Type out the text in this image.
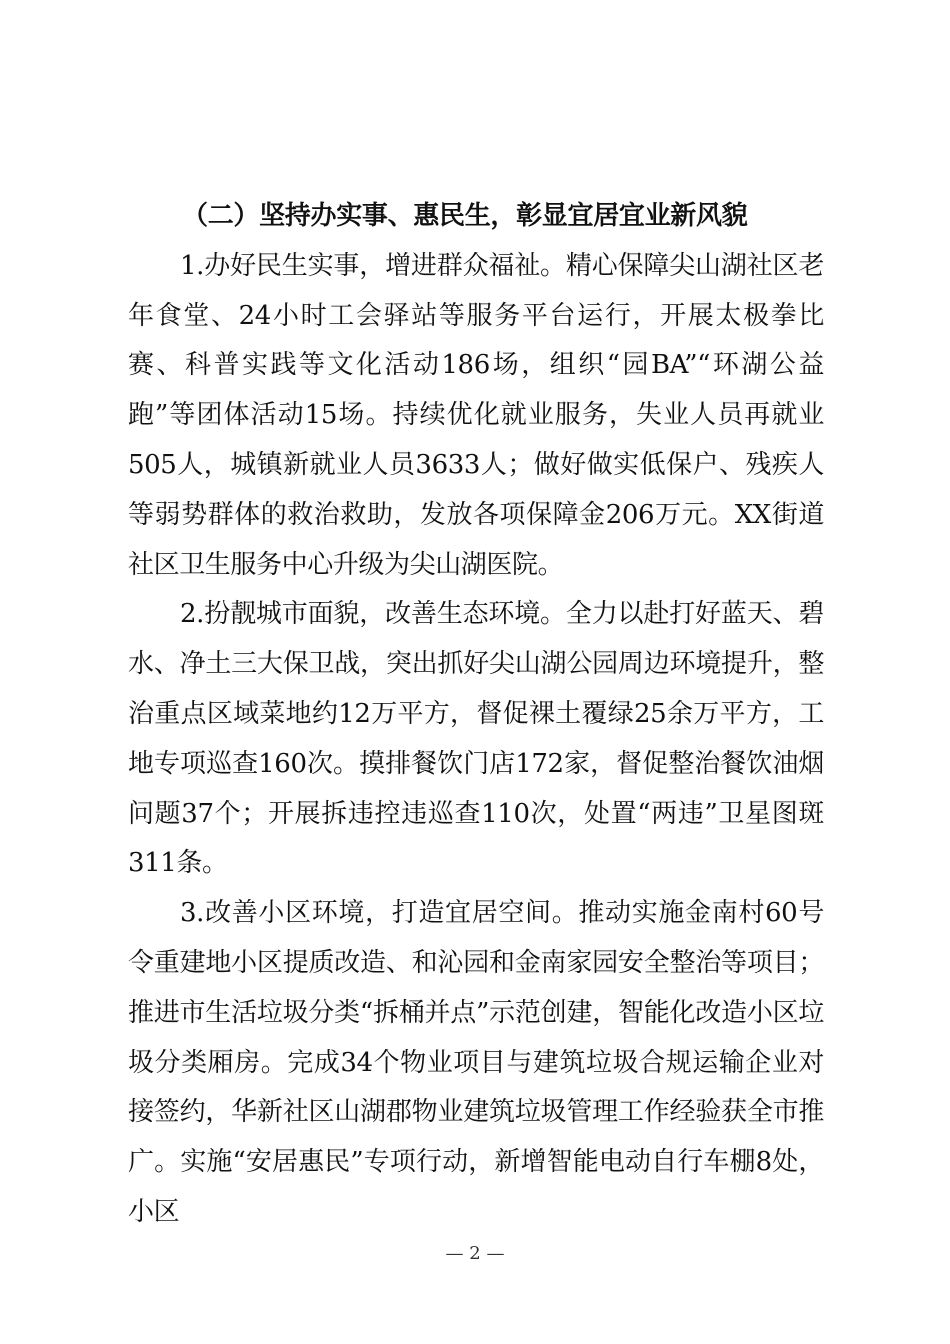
（二）坚持办实事、惠民生，彰显宜居宜业新风貌

1.办好民生实事，增进群众福祉。精心保障尖山湖社区老年食堂、24小时工会驿站等服务平台运行，开展太极拳比赛、科普实践等文化活动186场，组织“园BA”“环湖公益跑”等团体活动15场。持续优化就业服务，失业人员再就业505人，城镇新就业人员3633人；做好做实低保户、残疾人等弱势群体的救治救助，发放各项保障金206万元。XX街道社区卫生服务中心升级为尖山湖医院。

2.扮靓城市面貌，改善生态环境。全力以赴打好蓝天、碧水、净土三大保卫战，突出抓好尖山湖公园周边环境提升，整治重点区域菜地约12万平方，督促裸土覆绿25余万平方，工地专项巡查160次。摸排餐饮门店172家，督促整治餐饮油烟问题37个；开展拆违控违巡查110次，处置“两违”卫星图斑311条。

3.改善小区环境，打造宜居空间。推动实施金南村60号令重建地小区提质改造、和沁园和金南家园安全整治等项目；推进市生活垃圾分类“拆桶并点”示范创建，智能化改造小区垃圾分类厢房。完成34个物业项目与建筑垃圾合规运输企业对接签约，华新社区山湖郡物业建筑垃圾管理工作经验获全市推广。实施“安居惠民”专项行动，新增智能电动自行车棚8处，小区

— 2 —
